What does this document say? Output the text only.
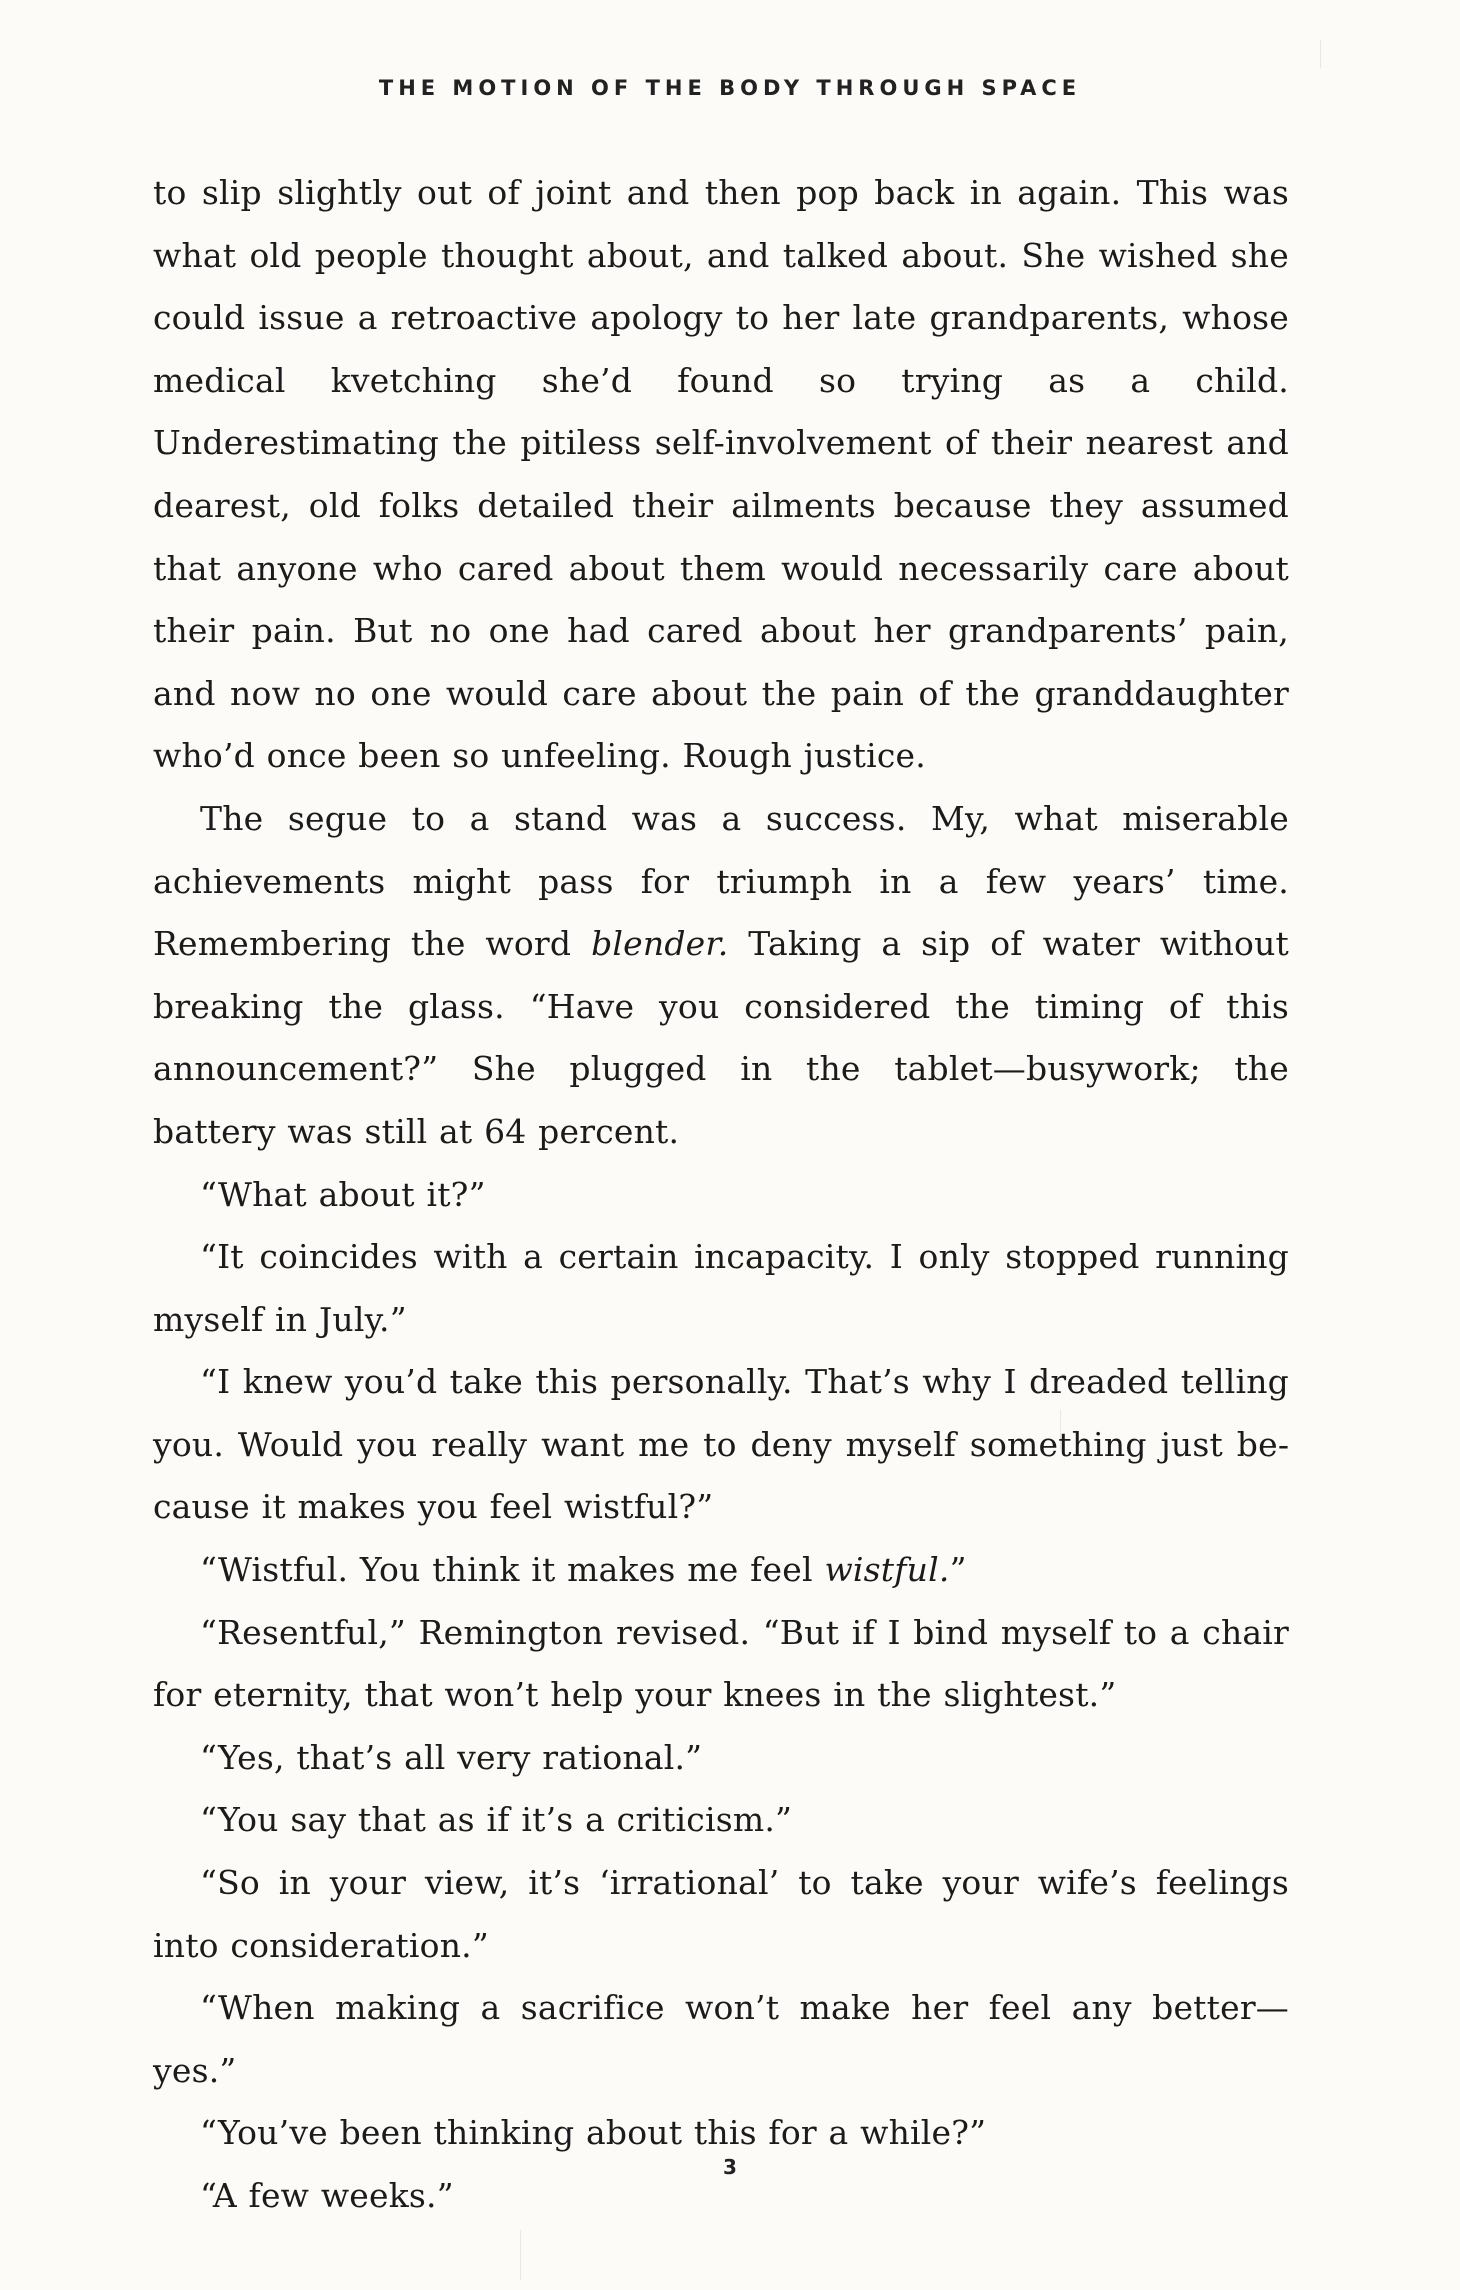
THE MOTION OF THE BODY THROUGH SPACE

to slip slightly out of joint and then pop back in again. This was what old people thought about, and talked about. She wished she could issue a retroactive apology to her late grandparents, whose medical kvetching she’d found so trying as a child. Underestimating the pitiless self-involvement of their nearest and dearest, old folks detailed their ailments because they assumed that anyone who cared about them would necessarily care about their pain. But no one had cared about her grandparents’ pain, and now no one would care about the pain of the granddaughter who’d once been so unfeeling. Rough justice.

The segue to a stand was a success. My, what miserable achievements might pass for triumph in a few years’ time. Remembering the word blender. Taking a sip of water without breaking the glass. “Have you considered the timing of this announcement?” She plugged in the tablet—busywork; the battery was still at 64 percent.

“What about it?”

“It coincides with a certain incapacity. I only stopped running myself in July.”

“I knew you’d take this personally. That’s why I dreaded telling you. Would you really want me to deny myself something just because it makes you feel wistful?”

“Wistful. You think it makes me feel wistful.”

“Resentful,” Remington revised. “But if I bind myself to a chair for eternity, that won’t help your knees in the slightest.”

“Yes, that’s all very rational.”

“You say that as if it’s a criticism.”

“So in your view, it’s ‘irrational’ to take your wife’s feelings into consideration.”

“When making a sacrifice won’t make her feel any better—yes.”

“You’ve been thinking about this for a while?”

“A few weeks.”

3
